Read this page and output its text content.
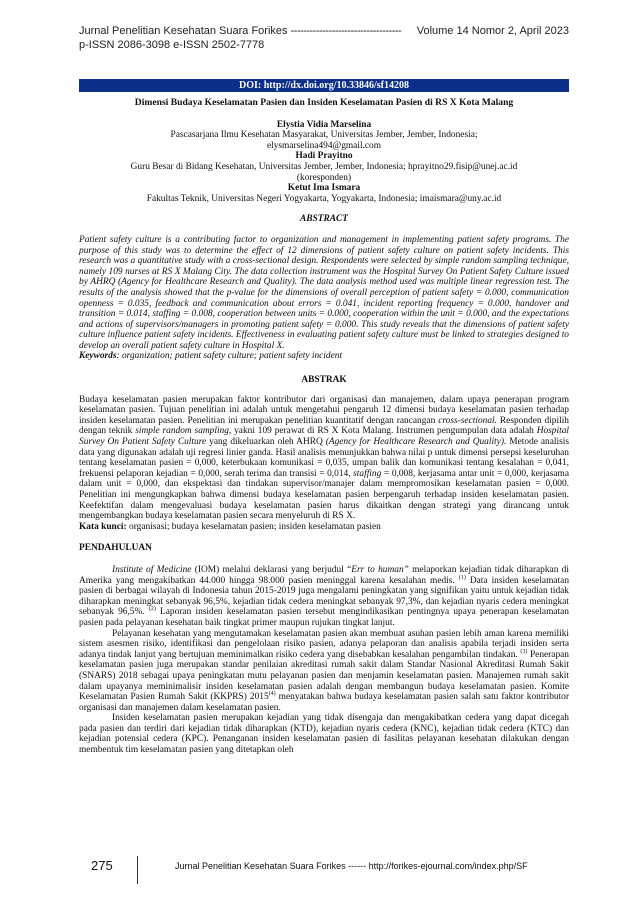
Jurnal Penelitian Kesehatan Suara Forikes -----------------------------------	Volume 14 Nomor 2, April 2023
p-ISSN 2086-3098 e-ISSN 2502-7778
DOI: http://dx.doi.org/10.33846/sf14208
Dimensi Budaya Keselamatan Pasien dan Insiden Keselamatan Pasien di RS X Kota Malang
Elystia Vidia Marselina
Pascasarjana Ilmu Kesehatan Masyarakat, Universitas Jember, Jember, Indonesia;
elysmarselina494@gmail.com
Hadi Prayitno
Guru Besar di Bidang Kesehatan, Universitas Jember, Jember, Indonesia; hprayitno29.fisip@unej.ac.id
(koresponden)
Ketut Ima Ismara
Fakultas Teknik, Universitas Negeri Yogyakarta, Yogyakarta, Indonesia; imaismara@uny.ac.id
ABSTRACT
Patient safety culture is a contributing factor to organization and management in implementing patient safety programs. The purpose of this study was to determine the effect of 12 dimensions of patient safety culture on patient safety incidents. This research was a quantitative study with a cross-sectional design. Respondents were selected by simple random sampling technique, namely 109 nurses at RS X Malang City. The data collection instrument was the Hospital Survey On Patient Safety Culture issued by AHRQ (Agency for Healthcare Research and Quality). The data analysis method used was multiple linear regression test. The results of the analysis showed that the p-value for the dimensions of overall perception of patient safety = 0.000, communication openness = 0.035, feedback and communication about errors = 0.041, incident reporting frequency = 0.000, handover and transition = 0.014, staffing = 0.008, cooperation between units = 0.000, cooperation within the unit = 0.000, and the expectations and actions of supervisors/managers in promoting patient safety = 0.000. This study reveals that the dimensions of patient safety culture influence patient safety incidents. Effectiveness in evaluating patient safety culture must be linked to strategies designed to develop an overall patient safety culture in Hospital X.
Keywords: organization; patient safety culture; patient safety incident
ABSTRAK
Budaya keselamatan pasien merupakan faktor kontributor dari organisasi dan manajemen, dalam upaya penerapan program keselamatan pasien. Tujuan penelitian ini adalah untuk mengetahui pengaruh 12 dimensi budaya keselamatan pasien terhadap insiden keselamatan pasien. Penelitian ini merupakan penelitian kuantitatif dengan rancangan cross-sectional. Responden dipilih dengan teknik simple random sampling, yakni 109 perawat di RS X Kota Malang. Instrumen pengumpulan data adalah Hospital Survey On Patient Safety Culture yang dikeluarkan oleh AHRQ (Agency for Healthcare Research and Quality). Metode analisis data yang digunakan adalah uji regresi linier ganda. Hasil analisis menunjukkan bahwa nilai p untuk dimensi persepsi keseluruhan tentang keselamatan pasien = 0,000, keterbukaan komunikasi = 0,035, umpan balik dan komunikasi tentang kesalahan = 0,041, frekuensi pelaporan kejadian = 0,000, serah terima dan transisi = 0,014, staffing = 0,008, kerjasama antar unit = 0,000, kerjasama dalam unit = 0,000, dan ekspektasi dan tindakan supervisor/manajer dalam mempromosikan keselamatan pasien = 0,000. Penelitian ini mengungkapkan bahwa dimensi budaya keselamatan pasien berpengaruh terhadap insiden keselamatan pasien. Keefektifan dalam mengevaluasi budaya keselamatan pasien harus dikaitkan dengan strategi yang dirancang untuk mengembangkan budaya keselamatan pasien secara menyeluruh di RS X.
Kata kunci: organisasi; budaya keselamatan pasien; insiden keselamatan pasien
PENDAHULUAN
Institute of Medicine (IOM) melalui deklarasi yang berjudul “Err to human” melaporkan kejadian tidak diharapkan di Amerika yang mengakibatkan 44.000 hingga 98.000 pasien meninggal karena kesalahan medis. $^{(1)}$ Data insiden keselamatan pasien di berbagai wilayah di Indonesia tahun 2015-2019 juga mengalami peningkatan yang signifikan yaitu untuk kejadian tidak diharapkan meningkat sebanyak 96,5%, kejadian tidak cedera meningkat sebanyak 97,3%, dan kejadian nyaris cedera meningkat sebanyak 96,5%. $^{(2)}$ Laporan insiden keselamatan pasien tersebut mengindikasikan pentingnya upaya penerapan keselamatan pasien pada pelayanan kesehatan baik tingkat primer maupun rujukan tingkat lanjut.
Pelayanan kesehatan yang mengutamakan keselamatan pasien akan membuat asuhan pasien lebih aman karena memiliki sistem asesmen risiko, identifikasi dan pengelolaan risiko pasien, adanya pelaporan dan analisis apabila terjadi insiden serta adanya tindak lanjut yang bertujuan meminimalkan risiko cedera yang disebabkan kesalahan pengambilan tindakan. $^{(3)}$ Penerapan keselamatan pasien juga merupakan standar penilaian akreditasi rumah sakit dalam Standar Nasional Akreditasi Rumah Sakit (SNARS) 2018 sebagai upaya peningkatan mutu pelayanan pasien dan menjamin keselamatan pasien. Manajemen rumah sakit dalam upayanya meminimalisir insiden keselamatan pasien adalah dengan membangun budaya keselamatan pasien. Komite Keselamatan Pasien Rumah Sakit (KKPRS) 2015$^{(4)}$ menyatakan bahwa budaya keselamatan pasien salah satu faktor kontributor organisasi dan manajemen dalam keselamatan pasien.
Insiden keselamatan pasien merupakan kejadian yang tidak disengaja dan mengakibatkan cedera yang dapat dicegah pada pasien dan terdiri dari kejadian tidak diharapkan (KTD), kejadian nyaris cedera (KNC), kejadian tidak cedera (KTC) dan kejadian potensial cedera (KPC). Penanganan insiden keselamatan pasien di fasilitas pelayanan kesehatan dilakukan dengan membentuk tim keselamatan pasien yang ditetapkan oleh
275	Jurnal Penelitian Kesehatan Suara Forikes ------ http://forikes-ejournal.com/index.php/SF
